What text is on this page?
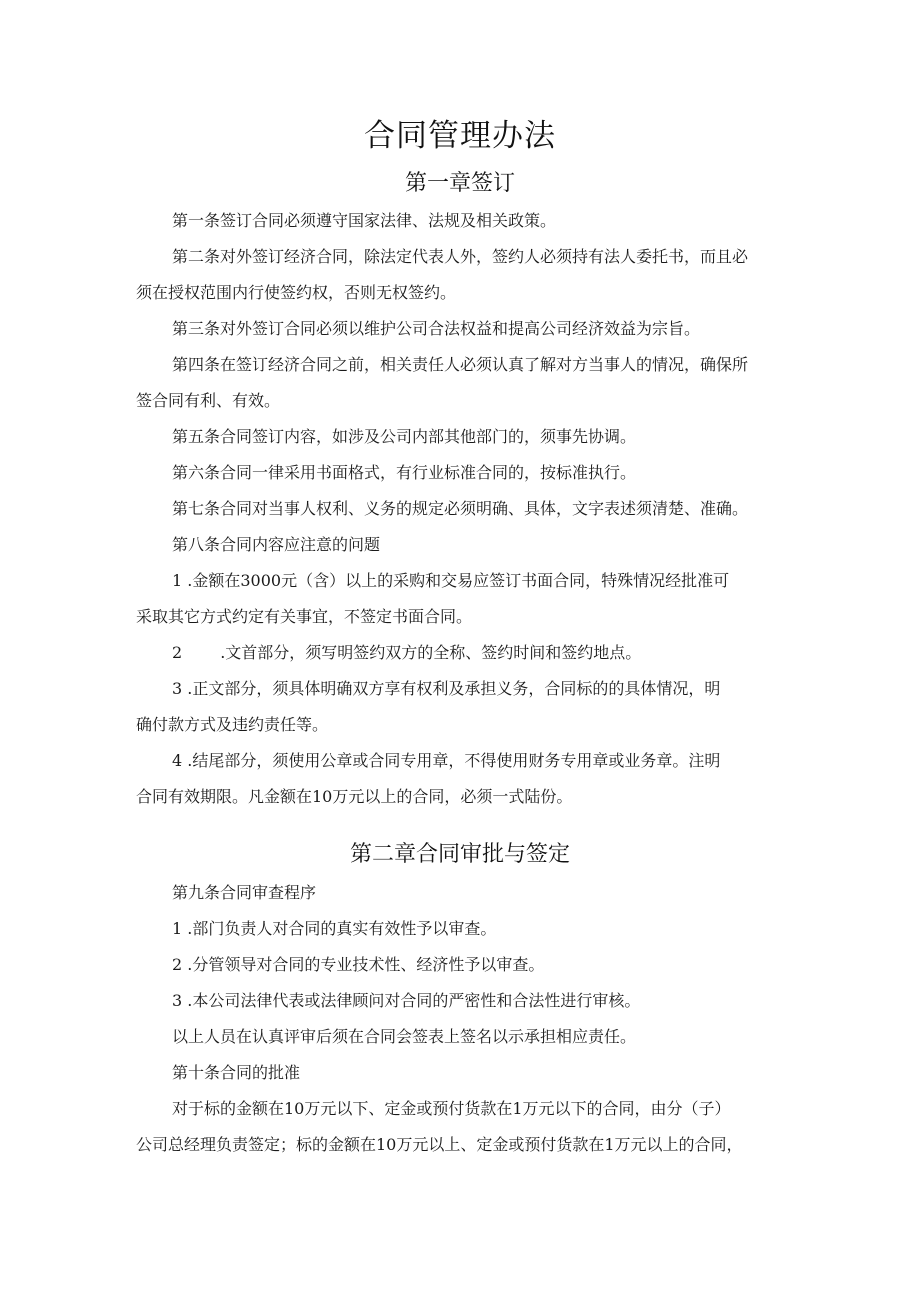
合同管理办法
第一章签订

第一条签订合同必须遵守国家法律、法规及相关政策。

第二条对外签订经济合同，除法定代表人外，签约人必须持有法人委托书，而且必

须在授权范围内行使签约权，否则无权签约。

第三条对外签订合同必须以维护公司合法权益和提高公司经济效益为宗旨。

第四条在签订经济合同之前，相关责任人必须认真了解对方当事人的情况，确保所

签合同有利、有效。

第五条合同签订内容，如涉及公司内部其他部门的，须事先协调。

第六条合同一律采用书面格式，有行业标准合同的，按标准执行。

第七条合同对当事人权利、义务的规定必须明确、具体，文字表述须清楚、准确。

第八条合同内容应注意的问题

1 .金额在3000元（含）以上的采购和交易应签订书面合同，特殊情况经批准可

采取其它方式约定有关事宜，不签定书面合同。

2 .文首部分，须写明签约双方的全称、签约时间和签约地点。

3 .正文部分，须具体明确双方享有权利及承担义务，合同标的的具体情况，明

确付款方式及违约责任等。

4 .结尾部分，须使用公章或合同专用章，不得使用财务专用章或业务章。注明

合同有效期限。凡金额在10万元以上的合同，必须一式陆份。

第二章合同审批与签定

第九条合同审查程序

1 .部门负责人对合同的真实有效性予以审查。

2 .分管领导对合同的专业技术性、经济性予以审查。

3 .本公司法律代表或法律顾问对合同的严密性和合法性进行审核。

以上人员在认真评审后须在合同会签表上签名以示承担相应责任。

第十条合同的批准

对于标的金额在10万元以下、定金或预付货款在1万元以下的合同，由分（子）

公司总经理负责签定；标的金额在10万元以上、定金或预付货款在1万元以上的合同，
